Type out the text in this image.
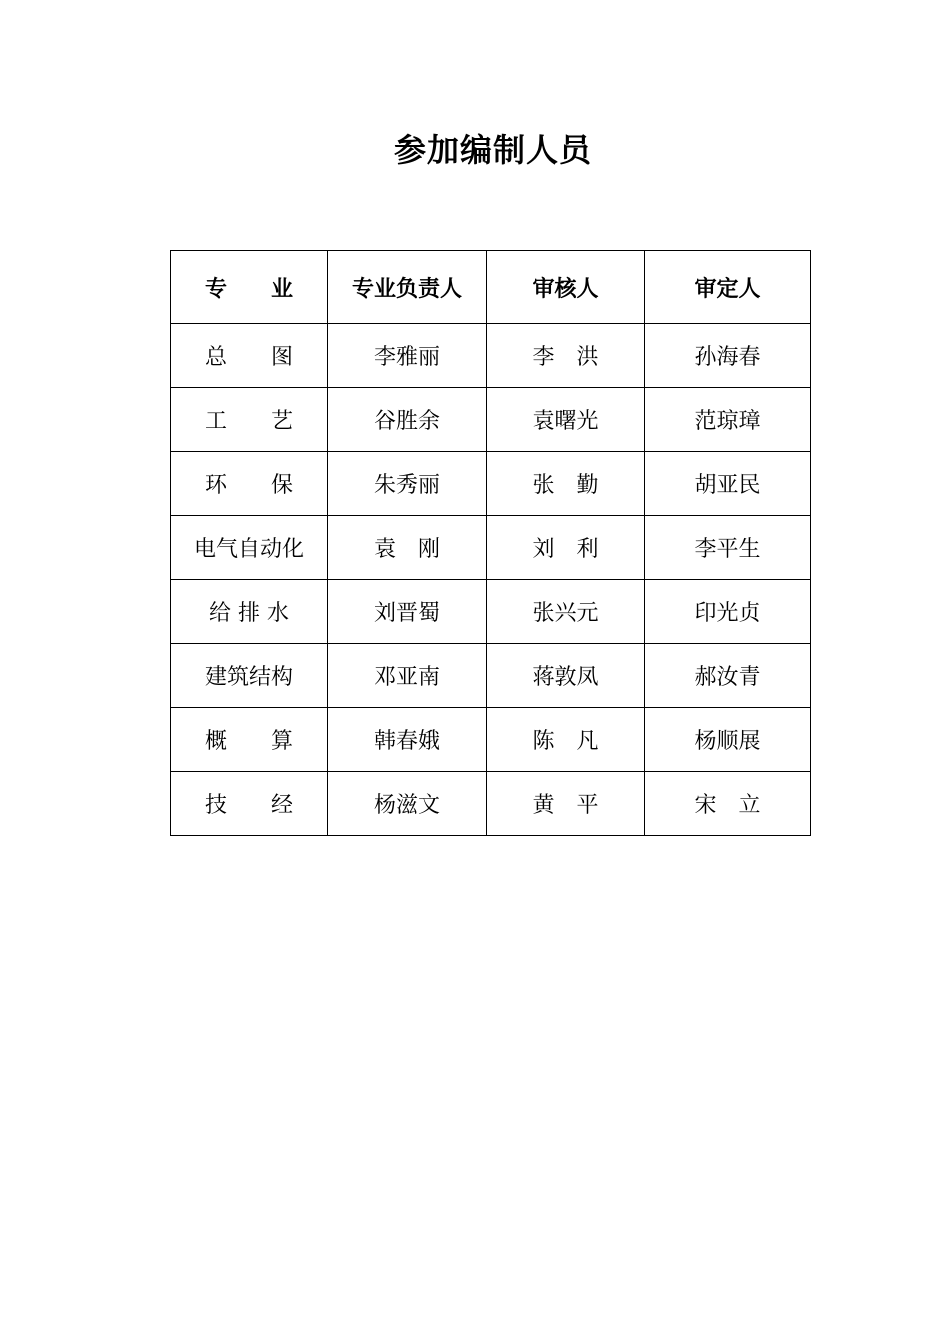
参加编制人员
专　　业	专业负责人	审核人	审定人
总　　图	李雅丽	李　洪	孙海春
工　　艺	谷胜余	袁曙光	范琼璋
环　　保	朱秀丽	张　勤	胡亚民
电气自动化	袁　刚	刘　利	李平生
给 排 水	刘晋蜀	张兴元	印光贞
建筑结构	邓亚南	蒋敦凤	郝汝青
概　　算	韩春娥	陈　凡	杨顺展
技　　经	杨滋文	黄　平	宋　立
